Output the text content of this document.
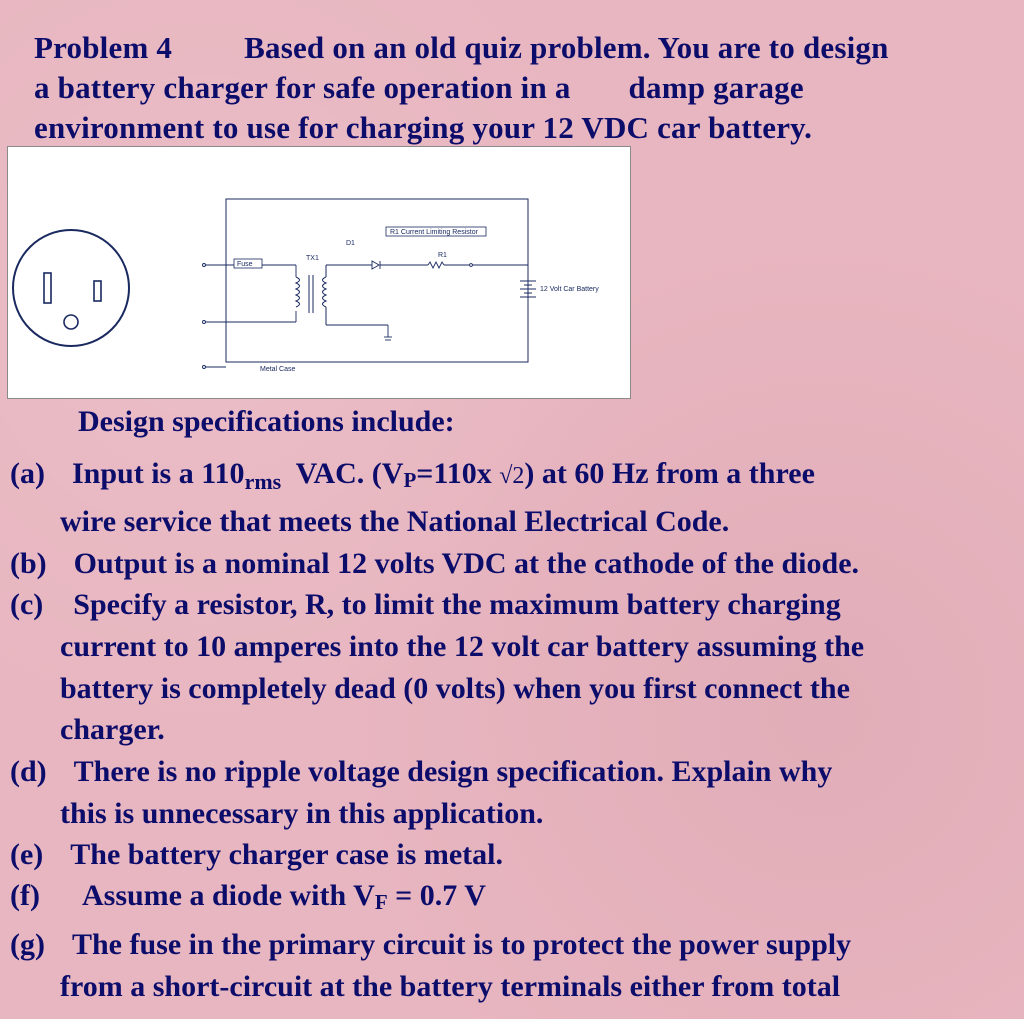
Problem 4 Based on an old quiz problem. You are to design
a battery charger for safe operation in a damp garage
environment to use for charging your 12 VDC car battery.
R1 Current Limiting Resistor
D1
R1
TX1
Fuse
12 Volt Car Battery
Metal Case
Design specifications include:
(a) Input is a $110_{rms}$  VAC. (VP=110x √2) at 60 Hz from a three
wire service that meets the National Electrical Code.
(b) Output is a nominal 12 volts VDC at the cathode of the diode.
(c) Specify a resistor, R, to limit the maximum battery charging
current to 10 amperes into the 12 volt car battery assuming the
battery is completely dead (0 volts) when you first connect the
charger.
(d) There is no ripple voltage design specification. Explain why
this is unnecessary in this application.
(e) The battery charger case is metal.
(f) Assume a diode with VF = 0.7 V
(g) The fuse in the primary circuit is to protect the power supply
from a short-circuit at the battery terminals either from total
